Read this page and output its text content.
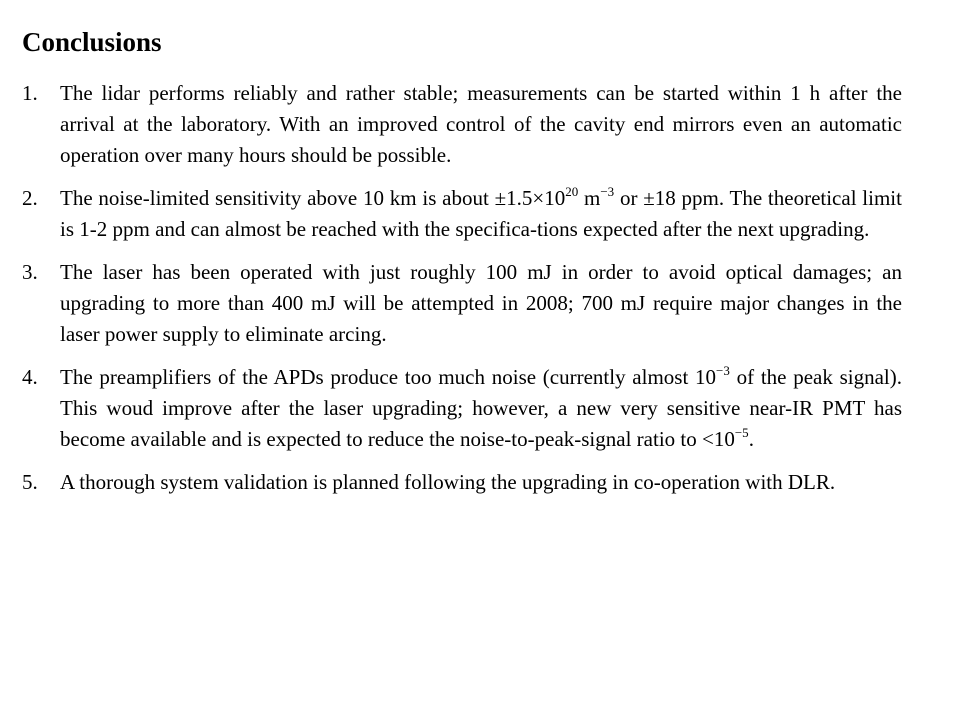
Conclusions
1. The lidar performs reliably and rather stable; measurements can be started within 1 h after the arrival at the laboratory. With an improved control of the cavity end mirrors even an automatic operation over many hours should be possible.
2. The noise-limited sensitivity above 10 km is about $\pm 1.5\times 10^{20}$ $m^{-3}$ or ±18 ppm. The theoretical limit is 1-2 ppm and can almost be reached with the specifica-tions expected after the next upgrading.
3. The laser has been operated with just roughly 100 mJ in order to avoid optical damages; an upgrading to more than 400 mJ will be attempted in 2008; 700 mJ require major changes in the laser power supply to eliminate arcing.
4. The preamplifiers of the APDs produce too much noise (currently almost $10^{-3}$ of the peak signal). This woud improve after the laser upgrading; however, a new very sensitive near-IR PMT has become available and is expected to reduce the noise-to-peak-signal ratio to $<10^{-5}$.
5. A thorough system validation is planned following the upgrading in co-operation with DLR.
